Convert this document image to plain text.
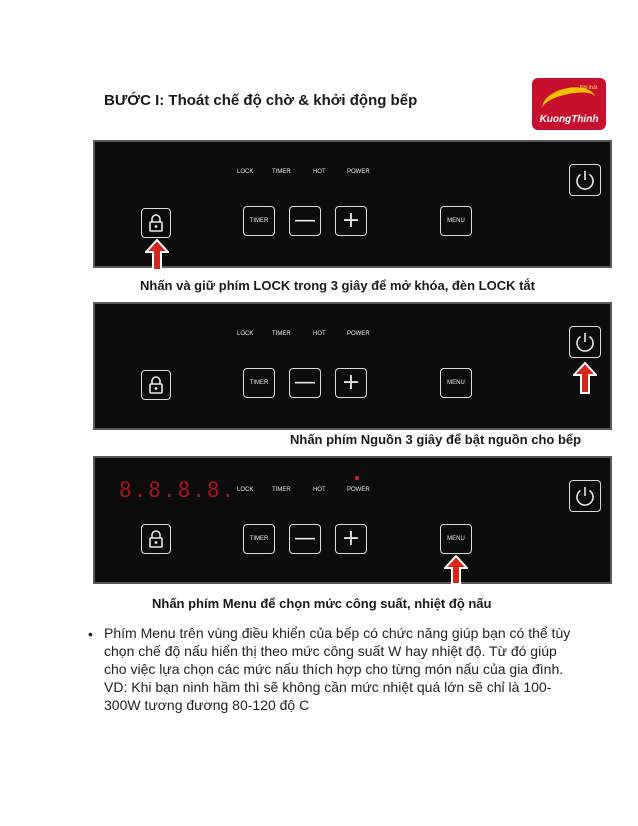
BƯỚC I: Thoát chế độ chờ & khởi động bếp
Nội thất
KuongThinh
LOCK	TIMER	HOT	POWER
TIMER — +	MENU
Nhấn và giữ phím LOCK trong 3 giây để mở khóa, đèn LOCK tắt
LOCK	TIMER	HOT	POWER
TIMER — +	MENU
Nhấn phím Nguồn 3 giây để bật nguồn cho bếp
8.8.8.8. LOCK	TIMER	HOT	POWER
TIMER — +	MENU
Nhấn phím Menu để chọn mức công suất, nhiệt độ nấu
• Phím Menu trên vùng điều khiển của bếp có chức năng giúp bạn có thể tùy chọn chế độ nấu hiển thị theo mức công suất W hay nhiệt độ. Từ đó giúp cho việc lựa chọn các mức nấu thích hợp cho từng món nấu của gia đình. VD: Khi bạn ninh hầm thì sẽ không cần mức nhiệt quá lớn sẽ chỉ là 100-300W tương đương 80-120 độ C
